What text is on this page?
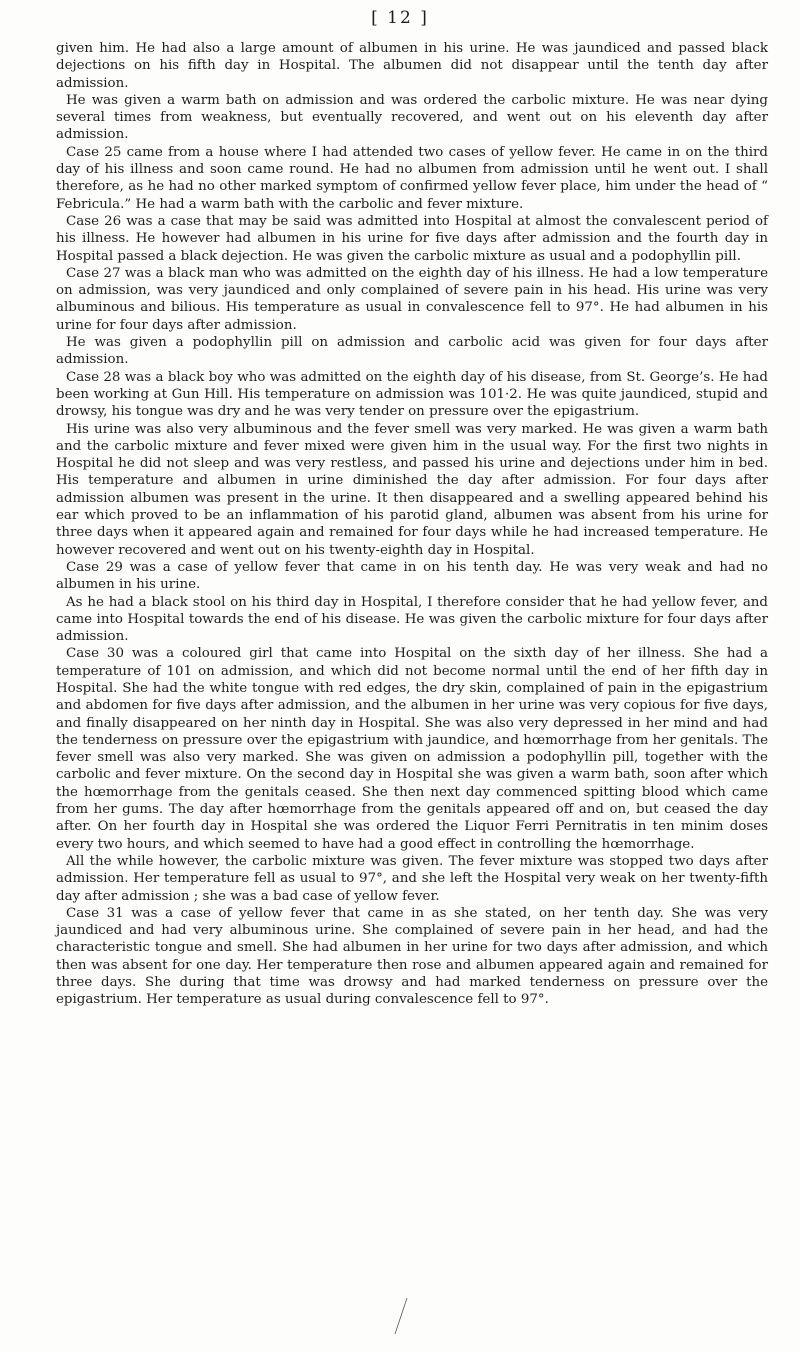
[ 12 ]

given him. He had also a large amount of albumen in his urine. He was jaundiced and passed black dejections on his fifth day in Hospital. The albumen did not disappear until the tenth day after admission.

He was given a warm bath on admission and was ordered the carbolic mixture. He was near dying several times from weakness, but eventually recovered, and went out on his eleventh day after admission.

Case 25 came from a house where I had attended two cases of yellow fever. He came in on the third day of his illness and soon came round. He had no albumen from admission until he went out. I shall therefore, as he had no other marked symptom of confirmed yellow fever place, him under the head of “ Febricula.” He had a warm bath with the carbolic and fever mixture.

Case 26 was a case that may be said was admitted into Hospital at almost the convalescent period of his illness. He however had albumen in his urine for five days after admission and the fourth day in Hospital passed a black dejection. He was given the carbolic mixture as usual and a podophyllin pill.

Case 27 was a black man who was admitted on the eighth day of his illness. He had a low temperature on admission, was very jaundiced and only complained of severe pain in his head. His urine was very albuminous and bilious. His temperature as usual in convalescence fell to 97°. He had albumen in his urine for four days after admission.

He was given a podophyllin pill on admission and carbolic acid was given for four days after admission.

Case 28 was a black boy who was admitted on the eighth day of his disease, from St. George’s. He had been working at Gun Hill. His temperature on admission was 101·2. He was quite jaundiced, stupid and drowsy, his tongue was dry and he was very tender on pressure over the epigastrium.

His urine was also very albuminous and the fever smell was very marked. He was given a warm bath and the carbolic mixture and fever mixed were given him in the usual way. For the first two nights in Hospital he did not sleep and was very restless, and passed his urine and dejections under him in bed. His temperature and albumen in urine diminished the day after admission. For four days after admission albumen was present in the urine. It then disappeared and a swelling appeared behind his ear which proved to be an inflammation of his parotid gland, albumen was absent from his urine for three days when it appeared again and remained for four days while he had increased temperature. He however recovered and went out on his twenty-eighth day in Hospital.

Case 29 was a case of yellow fever that came in on his tenth day. He was very weak and had no albumen in his urine.

As he had a black stool on his third day in Hospital, I therefore consider that he had yellow fever, and came into Hospital towards the end of his disease. He was given the carbolic mixture for four days after admission.

Case 30 was a coloured girl that came into Hospital on the sixth day of her illness. She had a temperature of 101 on admission, and which did not become normal until the end of her fifth day in Hospital. She had the white tongue with red edges, the dry skin, complained of pain in the epigastrium and abdomen for five days after admission, and the albumen in her urine was very copious for five days, and finally disappeared on her ninth day in Hospital. She was also very depressed in her mind and had the tenderness on pressure over the epigastrium with jaundice, and hœmorrhage from her genitals. The fever smell was also very marked. She was given on admission a podophyllin pill, together with the carbolic and fever mixture. On the second day in Hospital she was given a warm bath, soon after which the hœmorrhage from the genitals ceased. She then next day commenced spitting blood which came from her gums. The day after hœmorrhage from the genitals appeared off and on, but ceased the day after. On her fourth day in Hospital she was ordered the Liquor Ferri Pernitratis in ten minim doses every two hours, and which seemed to have had a good effect in controlling the hœmorrhage.

All the while however, the carbolic mixture was given. The fever mixture was stopped two days after admission. Her temperature fell as usual to 97°, and she left the Hospital very weak on her twenty-fifth day after admission ; she was a bad case of yellow fever.

Case 31 was a case of yellow fever that came in as she stated, on her tenth day. She was very jaundiced and had very albuminous urine. She complained of severe pain in her head, and had the characteristic tongue and smell. She had albumen in her urine for two days after admission, and which then was absent for one day. Her temperature then rose and albumen appeared again and remained for three days. She during that time was drowsy and had marked tenderness on pressure over the epigastrium. Her temperature as usual during convalescence fell to 97°.
